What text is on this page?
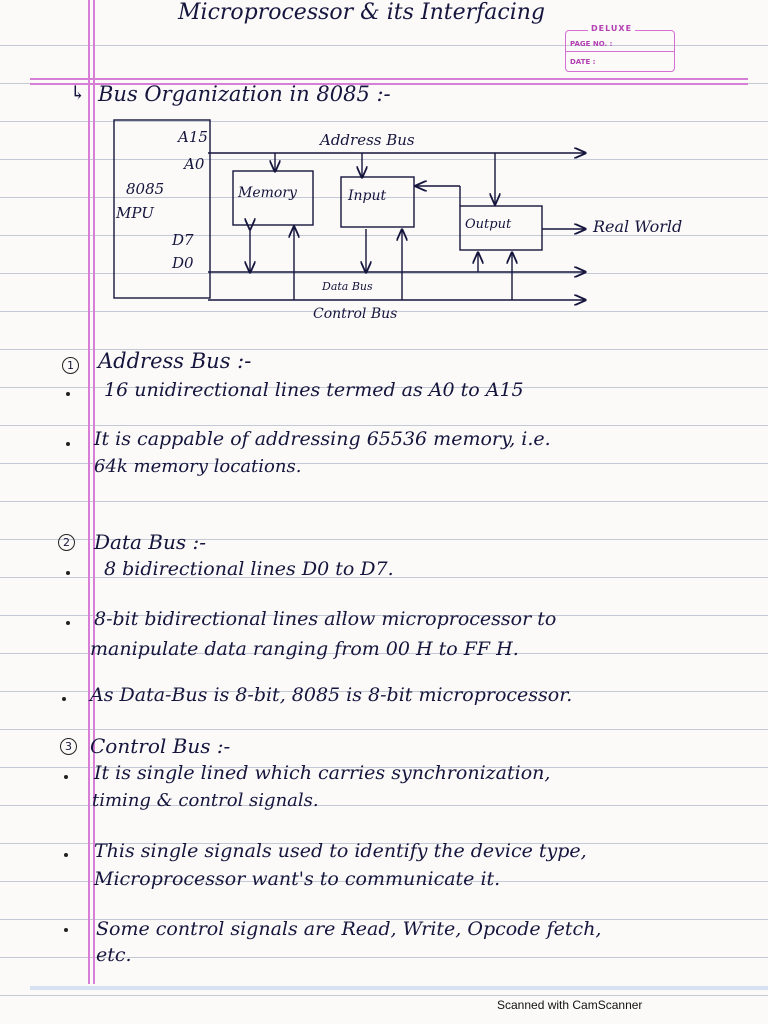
Microprocessor & its Interfacing
DELUXE
PAGE NO. :
DATE :
↳ Bus Organization in 8085 :-
A15
A0
8085
MPU
D7
D0
Address Bus
Memory	Input
Output	Real World
Data Bus
Control Bus
1 Address Bus :-
16 unidirectional lines termed as A0 to A15
It is cappable of addressing 65536 memory, i.e.
64k memory locations.
2 Data Bus :-
8 bidirectional lines D0 to D7.
8-bit bidirectional lines allow microprocessor to
manipulate data ranging from 00 H to FF H.
As Data-Bus is 8-bit, 8085 is 8-bit microprocessor.
3 Control Bus :-
It is single lined which carries synchronization,
timing & control signals.
This single signals used to identify the device type,
Microprocessor want's to communicate it.
Some control signals are Read, Write, Opcode fetch,
etc.
Scanned with CamScanner
